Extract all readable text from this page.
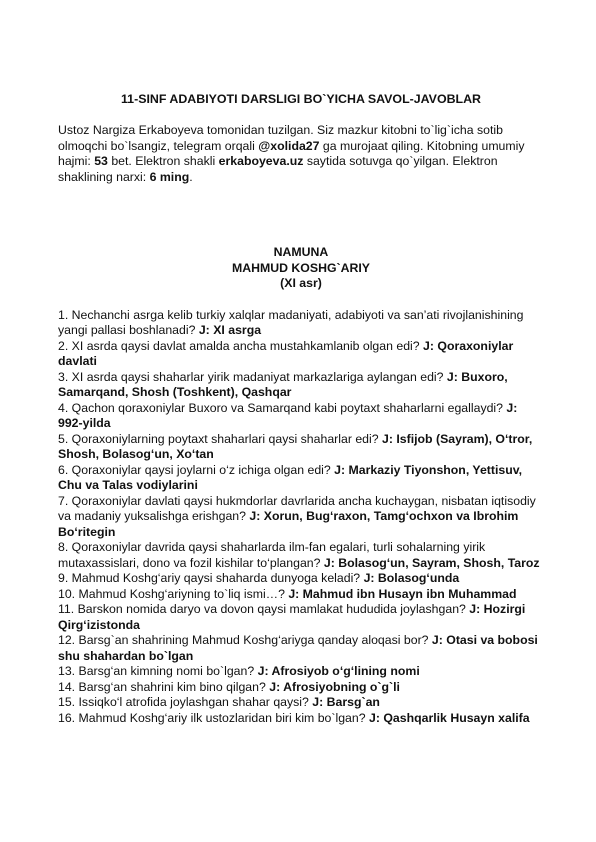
11-SINF ADABIYOTI DARSLIGI BO`YICHA SAVOL-JAVOBLAR

Ustoz Nargiza Erkaboyeva tomonidan tuzilgan. Siz mazkur kitobni to`lig`icha sotib olmoqchi bo`lsangiz, telegram orqali @xolida27 ga murojaat qiling. Kitobning umumiy hajmi: 53 bet. Elektron shakli erkaboyeva.uz saytida sotuvga qo`yilgan. Elektron shaklining narxi: 6 ming.

NAMUNA
MAHMUD KOSHG`ARIY
(XI asr)

1. Nechanchi asrga kelib turkiy xalqlar madaniyati, adabiyoti va san’ati rivojlanishining yangi pallasi boshlanadi? J: XI asrga

2. XI asrda qaysi davlat amalda ancha mustahkamlanib olgan edi? J: Qoraxoniylar davlati

3. XI asrda qaysi shaharlar yirik madaniyat markazlariga aylangan edi? J: Buxoro, Samarqand, Shosh (Toshkent), Qashqar

4. Qachon qoraxoniylar Buxoro va Samarqand kabi poytaxt shaharlarni egallaydi? J: 992-yilda

5. Qoraxoniylarning poytaxt shaharlari qaysi shaharlar edi? J: Isfijob (Sayram), O‘tror, Shosh, Bolasog‘un, Xo‘tan

6. Qoraxoniylar qaysi joylarni o‘z ichiga olgan edi? J: Markaziy Tiyonshon, Yettisuv, Chu va Talas vodiylarini

7. Qoraxoniylar davlati qaysi hukmdorlar davrlarida ancha kuchaygan, nisbatan iqtisodiy va madaniy yuksalishga erishgan? J: Xorun, Bug‘raxon, Tamg‘ochxon va Ibrohim Bo‘ritegin

8. Qoraxoniylar davrida qaysi shaharlarda ilm-fan egalari, turli sohalarning yirik mutaxassislari, dono va fozil kishilar to‘plangan? J: Bolasog‘un, Sayram, Shosh, Taroz

9. Mahmud Koshg‘ariy qaysi shaharda dunyoga keladi? J: Bolasog‘unda

10. Mahmud Koshg‘ariyning to`liq ismi…? J: Mahmud ibn Husayn ibn Muhammad

11. Barskon nomida daryo va dovon qaysi mamlakat hududida joylashgan? J: Hozirgi Qirg‘izistonda

12. Barsg`an shahrining Mahmud Koshg‘ariyga qanday aloqasi bor? J: Otasi va bobosi shu shahardan bo`lgan

13. Barsg‘an kimning nomi bo`lgan? J: Afrosiyob o‘g‘lining nomi

14. Barsg‘an shahrini kim bino qilgan? J: Afrosiyobning o`g`li

15. Issiqko‘l atrofida joylashgan shahar qaysi? J: Barsg`an

16. Mahmud Koshg‘ariy ilk ustozlaridan biri kim bo`lgan? J: Qashqarlik Husayn xalifa
